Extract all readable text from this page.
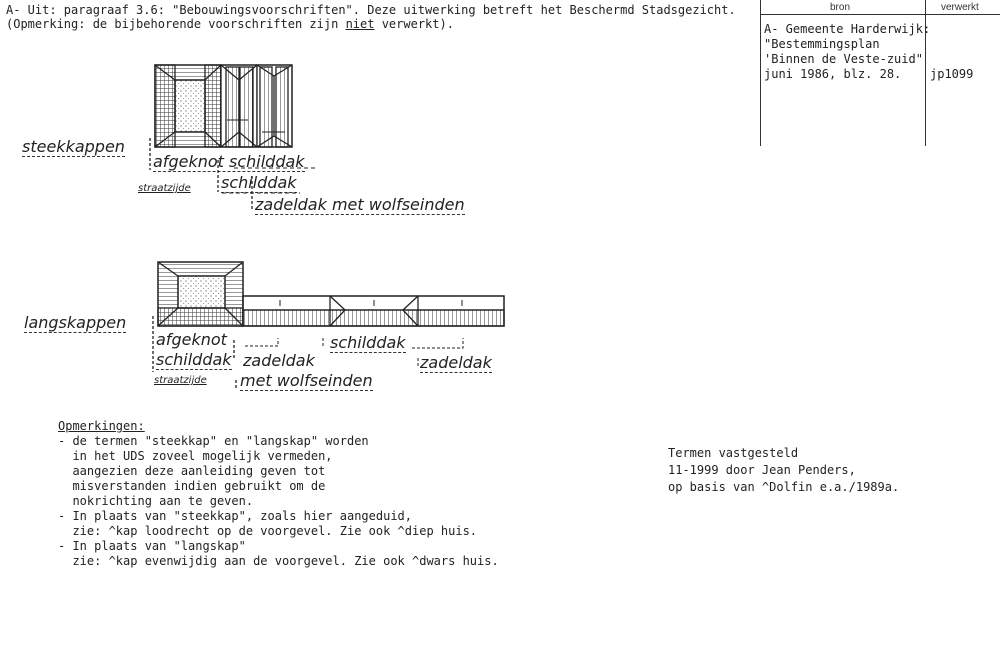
A- Uit: paragraaf 3.6: "Bebouwingsvoorschriften". Deze uitwerking betreft het Beschermd Stadsgezicht.
(Opmerking: de bijbehorende voorschriften zijn niet verwerkt).
bron	verwerkt
A- Gemeente Harderwijk:
"Bestemmingsplan
'Binnen de Veste-zuid"
juni 1986, blz. 28. jp1099
steekkappen
afgeknot schilddak
schilddak
zadeldak met wolfseinden
straatzijde
langskappen
afgeknot
schilddak zadeldak
met wolfseinden
schilddak
zadeldak
straatzijde
Opmerkingen:
- de termen "steekkap" en "langskap" worden
in het UDS zoveel mogelijk vermeden,
aangezien deze aanleiding geven tot
misverstanden indien gebruikt om de
nokrichting aan te geven.
- In plaats van "steekkap", zoals hier aangeduid,
zie: ^kap loodrecht op de voorgevel. Zie ook ^diep huis.
- In plaats van "langskap"
zie: ^kap evenwijdig aan de voorgevel. Zie ook ^dwars huis.
Termen vastgesteld
11-1999 door Jean Penders,
op basis van ^Dolfin e.a./1989a.
